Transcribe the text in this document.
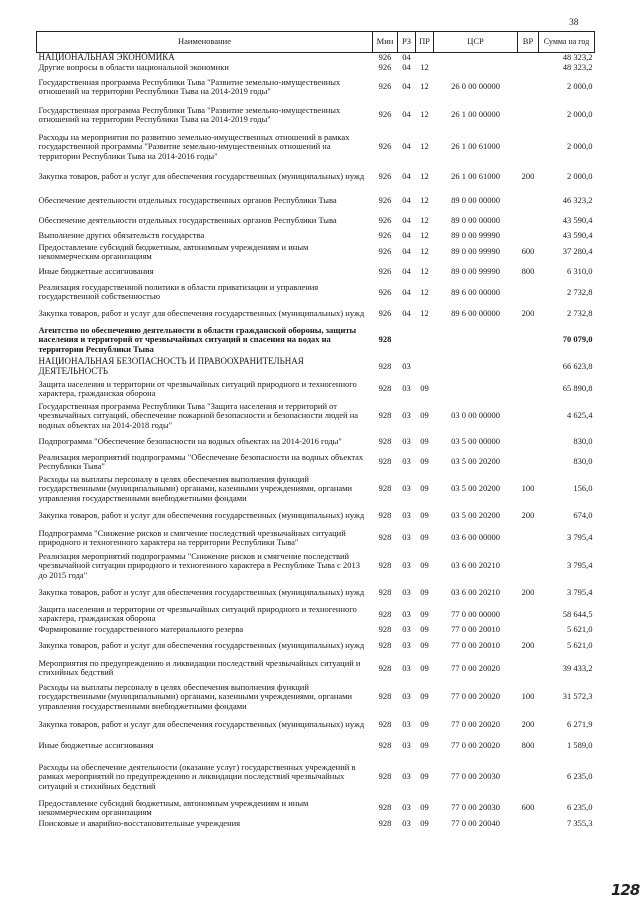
38
Наименование	Мин	РЗ	ПР	ЦСР	ВР	Сумма на год
НАЦИОНАЛЬНАЯ ЭКОНОМИКА	926	04				48 323,2
Другие вопросы в области национальной экономики	926	04	12			48 323,2
Государственная программа Республики Тыва "Развитие земельно-имущественных отношений на территории Республики Тыва на 2014-2019 годы"	926	04	12	26 0 00 00000		2 000,0
Государственная программа Республики Тыва "Развитие земельно-имущественных отношений на территории Республики Тыва на 2014-2019 годы"	926	04	12	26 1 00 00000		2 000,0
Расходы на мероприятия по развитию земельно-имущественных отношений в рамках государственной программы "Развитие земельно-имущественных отношений на территории Республики Тыва на 2014-2016 годы"	926	04	12	26 1 00 61000		2 000,0
Закупка товаров, работ и услуг для обеспечения государственных (муниципальных) нужд	926	04	12	26 1 00 61000	200	2 000,0
Обеспечение деятельности отдельных государственных органов Республики Тыва	926	04	12	89 0 00 00000		46 323,2
Обеспечение деятельности отдельных государственных органов Республики Тыва	926	04	12	89 0 00 00000		43 590,4
Выполнение других обязательств государства	926	04	12	89 0 00 99990		43 590,4
Предоставление субсидий бюджетным, автономным учреждениям и иным некоммерческим организациям	926	04	12	89 0 00 99990	600	37 280,4
Иные бюджетные ассигнования	926	04	12	89 0 00 99990	800	6 310,0
Реализация государственной политики в области приватизации и управления государственной собственностью	926	04	12	89 6 00 00000		2 732,8
Закупка товаров, работ и услуг для обеспечения государственных (муниципальных) нужд	926	04	12	89 6 00 00000	200	2 732,8
Агентство по обеспечению деятельности в области гражданской обороны, защиты населения и территорий от чрезвычайных ситуаций и спасения на водах на территории Республики Тыва	928					70 079,0
НАЦИОНАЛЬНАЯ БЕЗОПАСНОСТЬ И ПРАВООХРАНИТЕЛЬНАЯ ДЕЯТЕЛЬНОСТЬ	928	03				66 623,8
Защита населения и территории от чрезвычайных ситуаций природного и техногенного характера, гражданская оборона	928	03	09			65 890,8
Государственная программа Республики Тыва "Защита населения и территорий от чрезвычайных ситуаций, обеспечение пожарной безопасности и безопасности людей на водных объектах на 2014-2018 годы"	928	03	09	03 0 00 00000		4 625,4
Подпрограмма "Обеспечение безопасности на водных объектах на 2014-2016 годы"	928	03	09	03 5 00 00000		830,0
Реализация мероприятий подпрограммы "Обеспечение безопасности на водных объектах Республики Тыва"	928	03	09	03 5 00 20200		830,0
Расходы на выплаты персоналу в целях обеспечения выполнения функций государственными (муниципальными) органами, казенными учреждениями, органами управления государственными внебюджетными фондами	928	03	09	03 5 00 20200	100	156,0
Закупка товаров, работ и услуг для обеспечения государственных (муниципальных) нужд	928	03	09	03 5 00 20200	200	674,0
Подпрограмма "Снижение рисков и смягчение последствий чрезвычайных ситуаций природного и техногенного характера на территории Республики Тыва"	928	03	09	03 6 00 00000		3 795,4
Реализация мероприятий подпрограммы "Снижение рисков и смягчение последствий чрезвычайной ситуации природного и техногенного характера в Республике Тыва с 2013 до 2015 года"	928	03	09	03 6 00 20210		3 795,4
Закупка товаров, работ и услуг для обеспечения государственных (муниципальных) нужд	928	03	09	03 6 00 20210	200	3 795,4
Защита населения и территории от чрезвычайных ситуаций природного и техногенного характера, гражданская оборона	928	03	09	77 0 00 00000		58 644,5
Формирование государственного материального резерва	928	03	09	77 0 00 20010		5 621,0
Закупка товаров, работ и услуг для обеспечения государственных (муниципальных) нужд	928	03	09	77 0 00 20010	200	5 621,0
Мероприятия по предупреждению и ликвидации последствий чрезвычайных ситуаций и стихийных бедствий	928	03	09	77 0 00 20020		39 433,2
Расходы на выплаты персоналу в целях обеспечения выполнения функций государственными (муниципальными) органами, казенными учреждениями, органами управления государственными внебюджетными фондами	928	03	09	77 0 00 20020	100	31 572,3
Закупка товаров, работ и услуг для обеспечения государственных (муниципальных) нужд	928	03	09	77 0 00 20020	200	6 271,9
Иные бюджетные ассигнования	928	03	09	77 0 00 20020	800	1 589,0
Расходы на обеспечение деятельности (оказание услуг) государственных учреждений в рамках мероприятий по предупреждению и ликвидации последствий чрезвычайных ситуаций и стихийных бедствий	928	03	09	77 0 00 20030		6 235,0
Предоставление субсидий бюджетным, автономным учреждениям и иным некоммерческим организациям	928	03	09	77 0 00 20030	600	6 235,0
Поисковые и аварийно-восстановительные учреждения	928	03	09	77 0 00 20040		7 355,3
128
